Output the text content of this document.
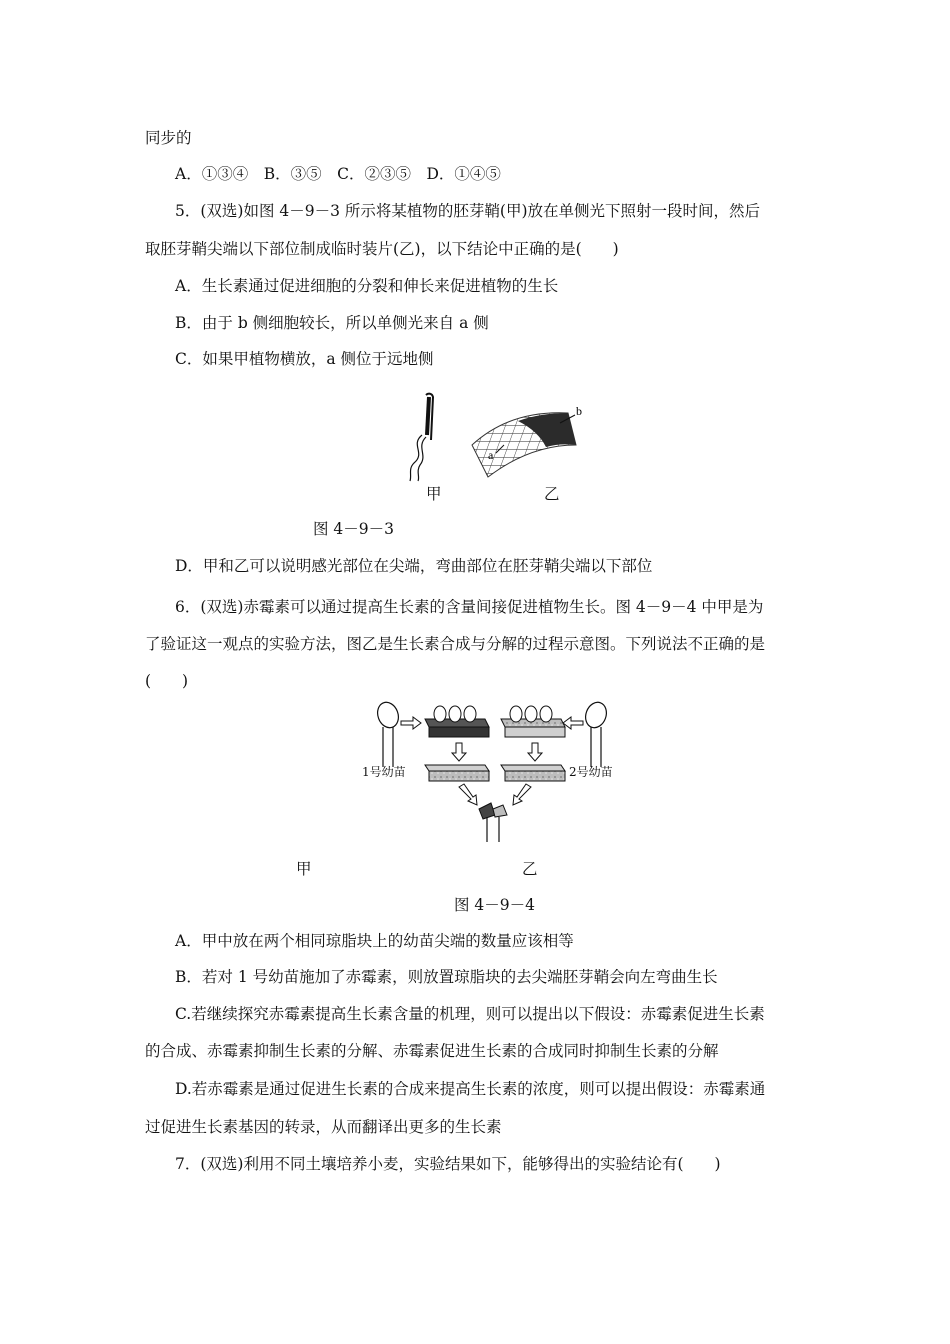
同步的
A．①③④　B．③⑤　C．②③⑤　D．①④⑤
5．(双选)如图 4－9－3 所示将某植物的胚芽鞘(甲)放在单侧光下照射一段时间，然后
取胚芽鞘尖端以下部位制成临时装片(乙)，以下结论中正确的是(　　)
A．生长素通过促进细胞的分裂和伸长来促进植物的生长
B．由于 b 侧细胞较长，所以单侧光来自 a 侧
C．如果甲植物横放，a 侧位于远地侧
b
a
甲	乙
图 4－9－3
D．甲和乙可以说明感光部位在尖端，弯曲部位在胚芽鞘尖端以下部位
6．(双选)赤霉素可以通过提高生长素的含量间接促进植物生长。图 4－9－4 中甲是为
了验证这一观点的实验方法，图乙是生长素合成与分解的过程示意图。下列说法不正确的是
(　　)
1号幼苗	2号幼苗
甲	乙
图 4－9－4
A．甲中放在两个相同琼脂块上的幼苗尖端的数量应该相等
B．若对 1 号幼苗施加了赤霉素，则放置琼脂块的去尖端胚芽鞘会向左弯曲生长
C.若继续探究赤霉素提高生长素含量的机理，则可以提出以下假设：赤霉素促进生长素
的合成、赤霉素抑制生长素的分解、赤霉素促进生长素的合成同时抑制生长素的分解
D.若赤霉素是通过促进生长素的合成来提高生长素的浓度，则可以提出假设：赤霉素通
过促进生长素基因的转录，从而翻译出更多的生长素
7．(双选)利用不同土壤培养小麦，实验结果如下，能够得出的实验结论有(　　)
